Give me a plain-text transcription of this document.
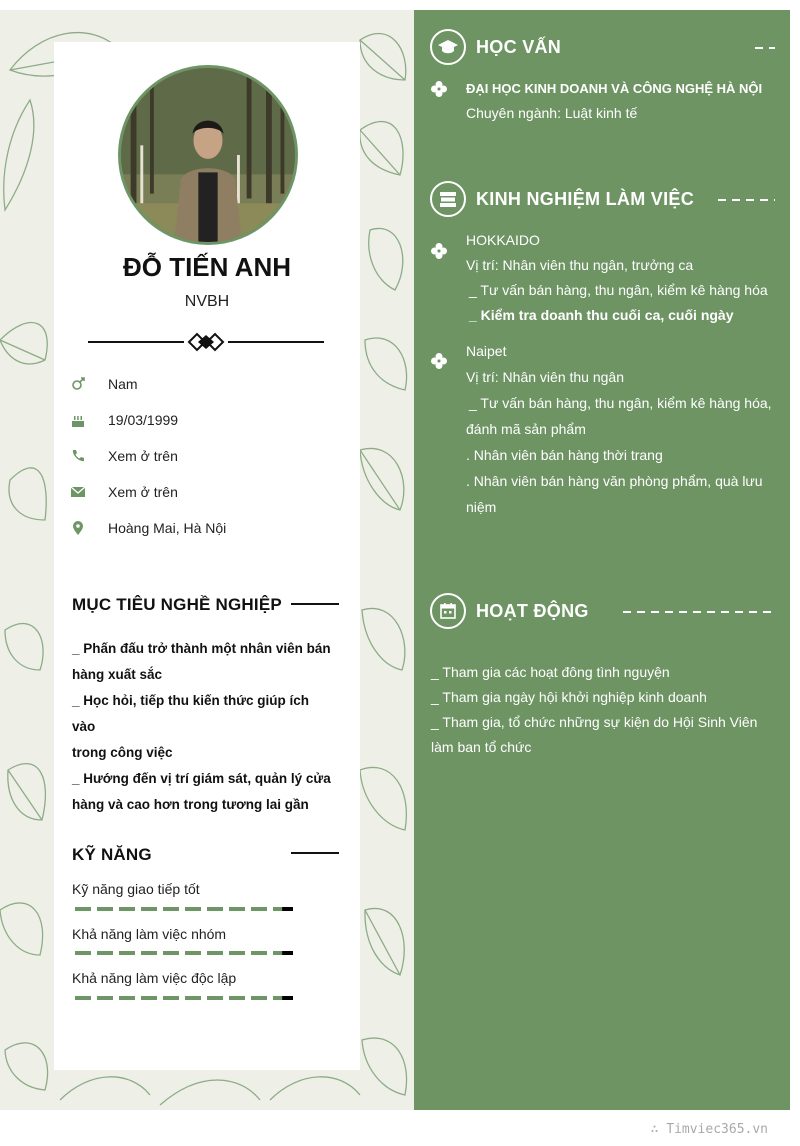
ĐỖ TIẾN ANH
NVBH
Nam
19/03/1999
Xem ở trên
Xem ở trên
Hoàng Mai, Hà Nội
MỤC TIÊU NGHỀ NGHIỆP
_ Phấn đấu trở thành một nhân viên bán
hàng xuất sắc
_ Học hỏi, tiếp thu kiến thức giúp ích vào
trong công việc
_ Hướng đến vị trí giám sát, quản lý cửa
hàng và cao hơn trong tương lai gần
KỸ NĂNG
Kỹ năng giao tiếp tốt
Khả năng làm việc nhóm
Khả năng làm việc độc lập
HỌC VẤN
ĐẠI HỌC KINH DOANH VÀ CÔNG NGHỆ HÀ NỘI
Chuyên ngành: Luật kinh tế
KINH NGHIỆM LÀM VIỆC
HOKKAIDO
Vị trí: Nhân viên thu ngân, trưởng ca
_ Tư vấn bán hàng, thu ngân, kiểm kê hàng hóa
_ Kiểm tra doanh thu cuối ca, cuối ngày
Naipet
Vị trí: Nhân viên thu ngân
_ Tư vấn bán hàng, thu ngân, kiểm kê hàng hóa,
đánh mã sản phẩm
. Nhân viên bán hàng thời trang
. Nhân viên bán hàng văn phòng phẩm, quà lưu
niệm
HOẠT ĐỘNG
_ Tham gia các hoạt đông tình nguyện
_ Tham gia ngày hội khởi nghiệp kinh doanh
_ Tham gia, tổ chức những sự kiện do Hội Sinh Viên
làm ban tổ chức
∴ Timviec365.vn
